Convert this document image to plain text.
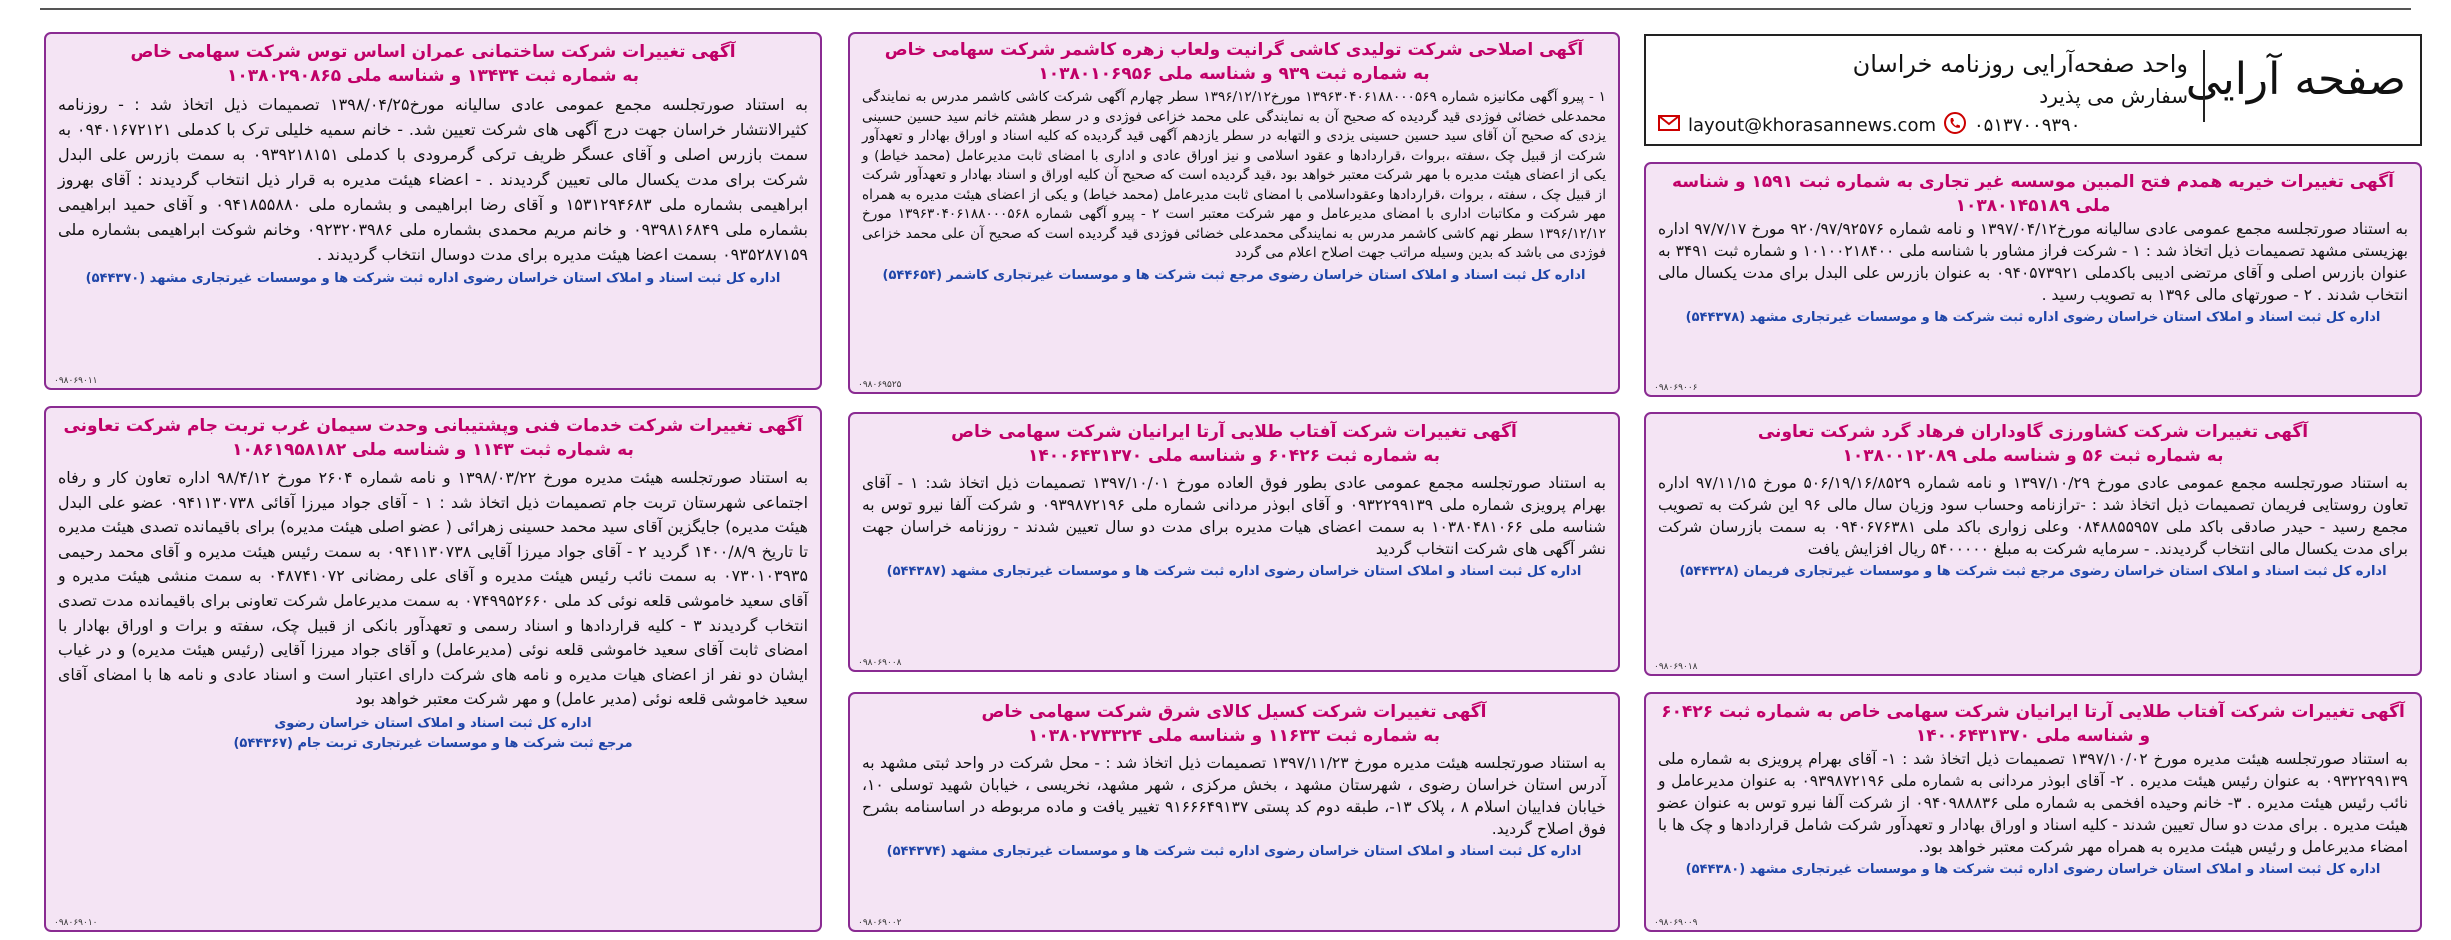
صفحه آرایی
واحد صفحه‌آرایی روزنامه خراسان
سفارش می پذیرد
layout@khorasannews.com ۰۵۱۳۷۰۰۹۳۹۰
آگهی تغییرات خیریه همدم فتح المبین موسسه غیر تجاری به شماره ثبت ۱۵۹۱ و شناسه ملی ۱۰۳۸۰۱۴۵۱۸۹

به استناد صورتجلسه مجمع عمومی عادی سالیانه مورخ۱۳۹۷/۰۴/۱۲ و نامه شماره ۹۲۰/۹۷/۹۲۵۷۶ مورخ ۹۷/۷/۱۷ اداره بهزیستی مشهد تصمیمات ذیل اتخاذ شد : ۱ - شرکت فراز مشاور با شناسه ملی ۱۰۱۰۰۲۱۸۴۰۰ و شماره ثبت ۳۴۹۱ به عنوان بازرس اصلی و آقای مرتضی ادیبی باکدملی ۰۹۴۰۵۷۳۹۲۱ به عنوان بازرس علی البدل برای مدت یکسال مالی انتخاب شدند . ۲ - صورتهای مالی ۱۳۹۶ به تصویب رسید .

اداره کل ثبت اسناد و املاک استان خراسان رضوی اداره ثبت شرکت ها و موسسات غیرتجاری مشهد (۵۴۴۳۷۸)
۰۹۸۰۶۹۰۰۶
آگهی تغییرات شرکت کشاورزی گاوداران فرهاد گرد شرکت تعاونی
به شماره ثبت ۵۶ و شناسه ملی ۱۰۳۸۰۰۱۲۰۸۹

به استناد صورتجلسه مجمع عمومی عادی مورخ ۱۳۹۷/۱۰/۲۹ و نامه شماره ۵۰۶/۱۹/۱۶/۸۵۲۹ مورخ ۹۷/۱۱/۱۵ اداره تعاون روستایی فریمان تصمیمات ذیل اتخاذ شد : -ترازنامه وحساب سود وزیان سال مالی ۹۶ این شرکت به تصویب مجمع رسید - حیدر صادقی باکد ملی ۰۸۴۸۸۵۵۹۵۷ وعلی زواری باکد ملی ۰۹۴۰۶۷۶۳۸۱ به سمت بازرسان شرکت برای مدت یکسال مالی انتخاب گردیدند. - سرمایه شرکت به مبلغ ۵۴۰۰۰۰۰ ریال افزایش یافت

اداره کل ثبت اسناد و املاک استان خراسان رضوی مرجع ثبت شرکت ها و موسسات غیرتجاری فریمان (۵۴۴۳۲۸)
۰۹۸۰۶۹۰۱۸
آگهی تغییرات شرکت آفتاب طلایی آرتا ایرانیان شرکت سهامی خاص به شماره ثبت ۶۰۴۲۶ و شناسه ملی ۱۴۰۰۶۴۳۱۳۷۰

به استناد صورتجلسه هیئت مدیره مورخ ۱۳۹۷/۱۰/۰۲ تصمیمات ذیل اتخاذ شد : ۱- آقای بهرام پرویزی به شماره ملی ۰۹۳۲۲۹۹۱۳۹ به عنوان رئیس هیئت مدیره . ۲- آقای ابوذر مردانی به شماره ملی ۰۹۳۹۸۷۲۱۹۶ به عنوان مدیرعامل و نائب رئیس هیئت مدیره . ۳- خانم وحیده افخمی به شماره ملی ۰۹۴۰۹۸۸۸۳۶ از شرکت آلفا نیرو توس به عنوان عضو هیئت مدیره . برای مدت دو سال تعیین شدند - کلیه اسناد و اوراق بهادار و تعهدآور شرکت شامل قراردادها و چک ها با امضاء مدیرعامل و رئیس هیئت مدیره به همراه مهر شرکت معتبر خواهد بود.

اداره کل ثبت اسناد و املاک استان خراسان رضوی اداره ثبت شرکت ها و موسسات غیرتجاری مشهد (۵۴۴۳۸۰)
۰۹۸۰۶۹۰۰۹
آگهی اصلاحی شرکت تولیدی کاشی گرانیت ولعاب زهره کاشمر شرکت سهامی خاص
به شماره ثبت ۹۳۹ و شناسه ملی ۱۰۳۸۰۱۰۶۹۵۶

۱ - پیرو آگهی مکانیزه شماره ۱۳۹۶۳۰۴۰۶۱۸۸۰۰۰۵۶۹ مورخ۱۳۹۶/۱۲/۱۲ سطر چهارم آگهی شرکت کاشی کاشمر مدرس به نمایندگی محمدعلی خضائی فوژدی قید گردیده که صحیح آن به نمایندگی علی محمد خزاعی فوژدی و در سطر هشتم خانم سید حسین حسینی یزدی که صحیح آن آقای سید حسین حسینی یزدی و التهابه در سطر یازدهم آگهی قید گردیده که کلیه اسناد و اوراق بهادار و تعهدآور شرکت از قبیل چک ،سفته ،بروات ،قراردادها و عقود اسلامی و نیز اوراق عادی و اداری با امضای ثابت مدیرعامل (محمد خیاط) و یکی از اعضای هیئت مدیره با مهر شرکت معتبر خواهد بود ،قید گردیده است که صحیح آن کلیه اوراق و اسناد بهادار و تعهدآور شرکت از قبیل چک ، سفته ، بروات ،قراردادها وعقوداسلامی با امضای ثابت مدیرعامل (محمد خیاط) و یکی از اعضای هیئت مدیره به همراه مهر شرکت و مکاتبات اداری با امضای مدیرعامل و مهر شرکت معتبر است ۲ - پیرو آگهی شماره ۱۳۹۶۳۰۴۰۶۱۸۸۰۰۰۵۶۸ مورخ ۱۳۹۶/۱۲/۱۲ سطر نهم کاشی کاشمر مدرس به نمایندگی محمدعلی خضائی فوژدی قید گردیده است که صحیح آن علی محمد خزاعی فوژدی می باشد که بدین وسیله مراتب جهت اصلاح اعلام می گردد

اداره کل ثبت اسناد و املاک استان خراسان رضوی مرجع ثبت شرکت ها و موسسات غیرتجاری کاشمر (۵۴۴۶۵۴)
۰۹۸۰۶۹۵۲۵
آگهی تغییرات شرکت آفتاب طلایی آرتا ایرانیان شرکت سهامی خاص
به شماره ثبت ۶۰۴۲۶ و شناسه ملی ۱۴۰۰۶۴۳۱۳۷۰

به استناد صورتجلسه مجمع عمومی عادی بطور فوق العاده مورخ ۱۳۹۷/۱۰/۰۱ تصمیمات ذیل اتخاذ شد: ۱ - آقای بهرام پرویزی شماره ملی ۰۹۳۲۲۹۹۱۳۹ و آقای ابوذر مردانی شماره ملی ۰۹۳۹۸۷۲۱۹۶ و شرکت آلفا نیرو توس به شناسه ملی ۱۰۳۸۰۴۸۱۰۶۶ به سمت اعضای هیات مدیره برای مدت دو سال تعیین شدند - روزنامه خراسان جهت نشر آگهی های شرکت انتخاب گردید

اداره کل ثبت اسناد و املاک استان خراسان رضوی اداره ثبت شرکت ها و موسسات غیرتجاری مشهد (۵۴۴۳۸۷)
۰۹۸۰۶۹۰۰۸
آگهی تغییرات شرکت کسیل کالای شرق شرکت سهامی خاص
به شماره ثبت ۱۱۶۳۳ و شناسه ملی ۱۰۳۸۰۲۷۳۳۲۴

به استناد صورتجلسه هیئت مدیره مورخ ۱۳۹۷/۱۱/۲۳ تصمیمات ذیل اتخاذ شد : - محل شرکت در واحد ثبتی مشهد به آدرس استان خراسان رضوی ، شهرستان مشهد ، بخش مرکزی ، شهر مشهد، نخریسی ، خیابان شهید توسلی ۱۰، خیابان فداییان اسلام ۸ ، پلاک ۱۳-، طبقه دوم کد پستی ۹۱۶۶۶۴۹۱۳۷ تغییر یافت و ماده مربوطه در اساسنامه بشرح فوق اصلاح گردید.

اداره کل ثبت اسناد و املاک استان خراسان رضوی اداره ثبت شرکت ها و موسسات غیرتجاری مشهد (۵۴۴۳۷۴)
۰۹۸۰۶۹۰۰۲
آگهی تغییرات شرکت ساختمانی عمران اساس توس شرکت سهامی خاص
به شماره ثبت ۱۳۴۳۴ و شناسه ملی ۱۰۳۸۰۲۹۰۸۶۵

به استناد صورتجلسه مجمع عمومی عادی سالیانه مورخ۱۳۹۸/۰۴/۲۵ تصمیمات ذیل اتخاذ شد : - روزنامه کثیرالانتشار خراسان جهت درج آگهی های شرکت تعیین شد. - خانم سمیه خلیلی ترک با کدملی ۰۹۴۰۱۶۷۲۱۲۱ به سمت بازرس اصلی و آقای عسگر ظریف ترکی گرمرودی با کدملی ۰۹۳۹۲۱۸۱۵۱ به سمت بازرس علی البدل شرکت برای مدت یکسال مالی تعیین گردیدند . - اعضاء هیئت مدیره به قرار ذیل انتخاب گردیدند : آقای بهروز ابراهیمی بشماره ملی ۱۵۳۱۲۹۴۶۸۳ و آقای رضا ابراهیمی و بشماره ملی ۰۹۴۱۸۵۵۸۸۰ و آقای حمید ابراهیمی بشماره ملی ۰۹۳۹۸۱۶۸۴۹ و خانم مریم محمدی بشماره ملی ۰۹۲۳۲۰۳۹۸۶ وخانم شوکت ابراهیمی بشماره ملی ۰۹۳۵۲۸۷۱۵۹ بسمت اعضا هیئت مدیره برای مدت دوسال انتخاب گردیدند .

اداره کل ثبت اسناد و املاک استان خراسان رضوی اداره ثبت شرکت ها و موسسات غیرتجاری مشهد (۵۴۴۳۷۰)
۰۹۸۰۶۹۰۱۱
آگهی تغییرات شرکت خدمات فنی وپشتیبانی وحدت سیمان غرب تربت جام شرکت تعاونی
به شماره ثبت ۱۱۴۳ و شناسه ملی ۱۰۸۶۱۹۵۸۱۸۲

به استناد صورتجلسه هیئت مدیره مورخ ۱۳۹۸/۰۳/۲۲ و نامه شماره ۲۶۰۴ مورخ ۹۸/۴/۱۲ اداره تعاون کار و رفاه اجتماعی شهرستان تربت جام تصمیمات ذیل اتخاذ شد : ۱ - آقای جواد میرزا آقائی ۰۹۴۱۱۳۰۷۳۸ عضو علی البدل هیئت مدیره) جایگزین آقای سید محمد حسینی زهرائی ( عضو اصلی هیئت مدیره) برای باقیمانده تصدی هیئت مدیره تا تاریخ ۱۴۰۰/۸/۹ گردید ۲ - آقای جواد میرزا آقایی ۰۹۴۱۱۳۰۷۳۸ به سمت رئیس هیئت مدیره و آقای محمد رحیمی ۰۷۳۰۱۰۳۹۳۵ به سمت نائب رئیس هیئت مدیره و آقای علی رمضانی ۰۴۸۷۴۱۰۷۲ به سمت منشی هیئت مدیره و آقای سعید خاموشی قلعه نوئی کد ملی ۰۷۴۹۹۵۲۶۶۰ به سمت مدیرعامل شرکت تعاونی برای باقیمانده مدت تصدی انتخاب گردیدند ۳ - کلیه قراردادها و اسناد رسمی و تعهدآور بانکی از قبیل چک، سفته و برات و اوراق بهادار با امضای ثابت آقای سعید خاموشی قلعه نوئی (مدیرعامل) و آقای جواد میرزا آقایی (رئیس هیئت مدیره) و در غیاب ایشان دو نفر از اعضای هیات مدیره و نامه های شرکت دارای اعتبار است و اسناد عادی و نامه ها با امضای آقای سعید خاموشی قلعه نوئی (مدیر عامل) و مهر شرکت معتبر خواهد بود

اداره کل ثبت اسناد و املاک استان خراسان رضوی
مرجع ثبت شرکت ها و موسسات غیرتجاری تربت جام (۵۴۴۳۶۷)
۰۹۸۰۶۹۰۱۰
